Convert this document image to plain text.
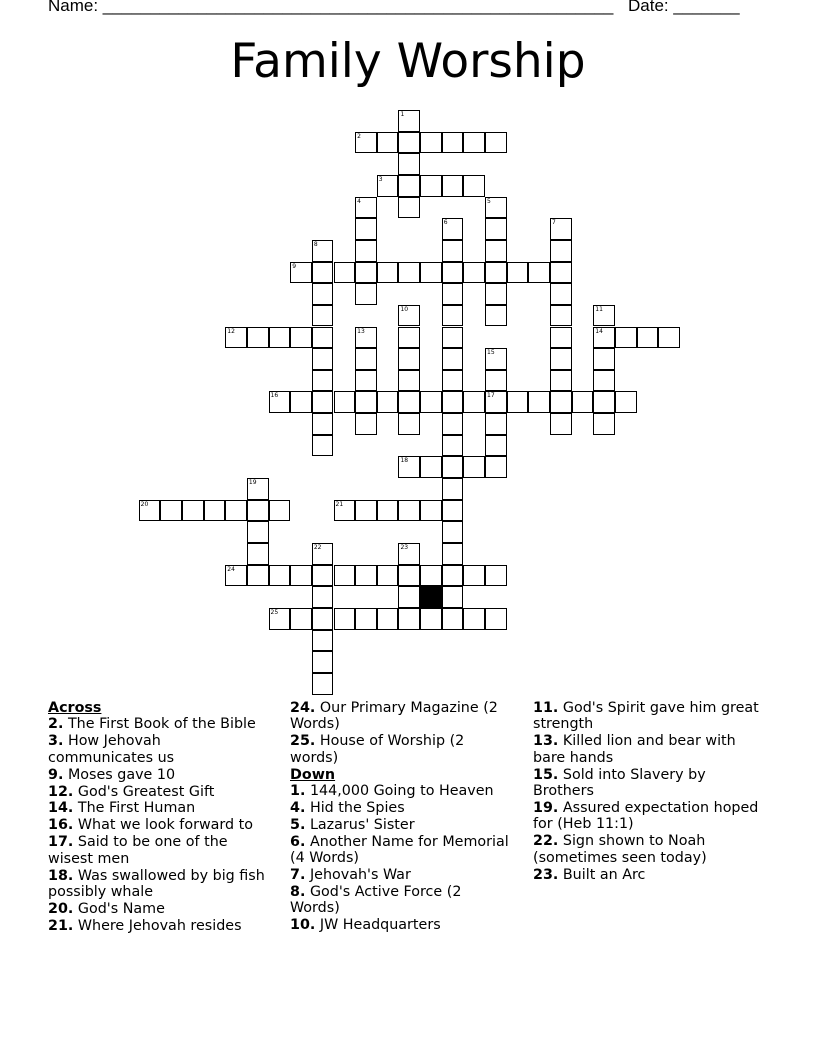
Name: ______________________________________________________ Date: _______
Family Worship
1
2
3
4	5
6	7
8
9
10	11
14
12	13
15
17
16
18
19
20	21
22	23
24
25
Across
2. The First Book of the Bible
3. How Jehovah communicates us
9. Moses gave 10
12. God's Greatest Gift
14. The First Human
16. What we look forward to
17. Said to be one of the wisest men
18. Was swallowed by big fish possibly whale
20. God's Name
21. Where Jehovah resides
24. Our Primary Magazine (2 Words)
25. House of Worship (2 words)
Down
1. 144,000 Going to Heaven
4. Hid the Spies
5. Lazarus' Sister
6. Another Name for Memorial (4 Words)
7. Jehovah's War
8. God's Active Force (2 Words)
10. JW Headquarters
11. God's Spirit gave him great strength
13. Killed lion and bear with bare hands
15. Sold into Slavery by Brothers
19. Assured expectation hoped for (Heb 11:1)
22. Sign shown to Noah (sometimes seen today)
23. Built an Arc
